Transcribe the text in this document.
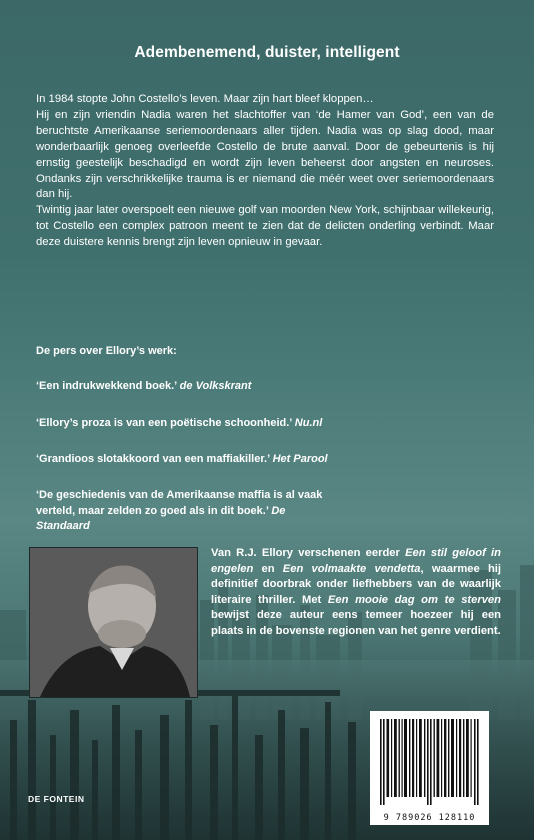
Adembenemend, duister, intelligent

In 1984 stopte John Costello’s leven. Maar zijn hart bleef kloppen…

Hij en zijn vriendin Nadia waren het slachtoffer van ‘de Hamer van God’, een van de beruchtste Amerikaanse seriemoordenaars aller tijden. Nadia was op slag dood, maar wonderbaarlijk genoeg overleefde Costello de brute aanval. Door de gebeurtenis is hij ernstig geestelijk beschadigd en wordt zijn leven beheerst door angsten en neuroses. Ondanks zijn verschrikkelijke trauma is er niemand die méér weet over seriemoordenaars dan hij.

Twintig jaar later overspoelt een nieuwe golf van moorden New York, schijnbaar willekeurig, tot Costello een complex patroon meent te zien dat de delicten onderling verbindt. Maar deze duistere kennis brengt zijn leven opnieuw in gevaar.

De pers over Ellory’s werk:

‘Een indrukwekkend boek.’ de Volkskrant

‘Ellory’s proza is van een poëtische schoonheid.’ Nu.nl

‘Grandioos slotakkoord van een maffiakiller.’ Het Parool

‘De geschiedenis van de Amerikaanse maffia is al vaak verteld, maar zelden zo goed als in dit boek.’ De Standaard

Van R.J. Ellory verschenen eerder Een stil geloof in engelen en Een volmaakte vendetta, waarmee hij definitief doorbrak onder liefhebbers van de waarlijk literaire thriller. Met Een mooie dag om te sterven bewijst deze auteur eens temeer hoezeer hij een plaats in de bovenste regionen van het genre verdient.

9 789026 128110

DE FONTEIN
